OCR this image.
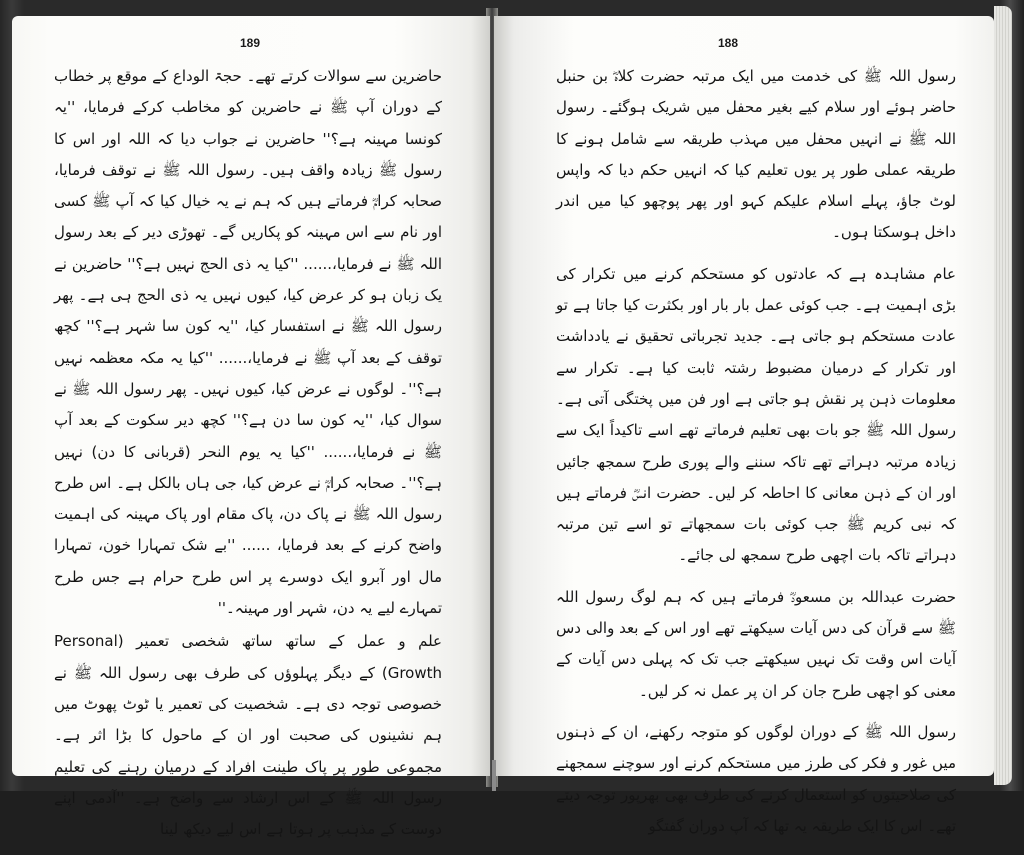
189

حاضرین سے سوالات کرتے تھے۔ حجۃ الوداع کے موقع پر خطاب کے دوران آپ ﷺ نے حاضرین کو مخاطب کرکے فرمایا، ''یہ کونسا مہینہ ہے؟'' حاضرین نے جواب دیا کہ اللہ اور اس کا رسول ﷺ زیادہ واقف ہیں۔ رسول اللہ ﷺ نے توقف فرمایا، صحابہ کرامؓ فرماتے ہیں کہ ہم نے یہ خیال کیا کہ آپ ﷺ کسی اور نام سے اس مہینہ کو پکاریں گے۔ تھوڑی دیر کے بعد رسول اللہ ﷺ نے فرمایا،...... ''کیا یہ ذی الحج نہیں ہے؟'' حاضرین نے یک زبان ہو کر عرض کیا، کیوں نہیں یہ ذی الحج ہی ہے۔ پھر رسول اللہ ﷺ نے استفسار کیا، ''یہ کون سا شہر ہے؟'' کچھ توقف کے بعد آپ ﷺ نے فرمایا،...... ''کیا یہ مکہ معظمہ نہیں ہے؟''۔ لوگوں نے عرض کیا، کیوں نہیں۔ پھر رسول اللہ ﷺ نے سوال کیا، ''یہ کون سا دن ہے؟'' کچھ دیر سکوت کے بعد آپ ﷺ نے فرمایا،...... ''کیا یہ یوم النحر (قربانی کا دن) نہیں ہے؟''۔ صحابہ کرامؓ نے عرض کیا، جی ہاں بالکل ہے۔ اس طرح رسول اللہ ﷺ نے پاک دن، پاک مقام اور پاک مہینہ کی اہمیت واضح کرنے کے بعد فرمایا، ...... ''بے شک تمہارا خون، تمہارا مال اور آبرو ایک دوسرے پر اس طرح حرام ہے جس طرح تمہارے لیے یہ دن، شہر اور مہینہ۔''

علم و عمل کے ساتھ ساتھ شخصی تعمیر (Personal Growth) کے دیگر پہلوؤں کی طرف بھی رسول اللہ ﷺ نے خصوصی توجہ دی ہے۔ شخصیت کی تعمیر یا ٹوٹ پھوٹ میں ہم نشینوں کی صحبت اور ان کے ماحول کا بڑا اثر ہے۔ مجموعی طور پر پاک طینت افراد کے درمیان رہنے کی تعلیم رسول اللہ ﷺ کے اس ارشاد سے واضح ہے۔ ''آدمی اپنے دوست کے مذہب پر ہوتا ہے اس لیے دیکھ لینا

188

رسول اللہ ﷺ کی خدمت میں ایک مرتبہ حضرت کلاہؓ بن حنبل حاضر ہوئے اور سلام کیے بغیر محفل میں شریک ہوگئے۔ رسول اللہ ﷺ نے انہیں محفل میں مہذب طریقہ سے شامل ہونے کا طریقہ عملی طور پر یوں تعلیم کیا کہ انہیں حکم دیا کہ واپس لوٹ جاؤ، پہلے اسلام علیکم کہو اور پھر پوچھو کیا میں اندر داخل ہوسکتا ہوں۔

عام مشاہدہ ہے کہ عادتوں کو مستحکم کرنے میں تکرار کی بڑی اہمیت ہے۔ جب کوئی عمل بار بار اور بکثرت کیا جاتا ہے تو عادت مستحکم ہو جاتی ہے۔ جدید تجرباتی تحقیق نے یادداشت اور تکرار کے درمیان مضبوط رشتہ ثابت کیا ہے۔ تکرار سے معلومات ذہن پر نقش ہو جاتی ہے اور فن میں پختگی آتی ہے۔ رسول اللہ ﷺ جو بات بھی تعلیم فرماتے تھے اسے تاکیداً ایک سے زیادہ مرتبہ دہراتے تھے تاکہ سننے والے پوری طرح سمجھ جائیں اور ان کے ذہن معانی کا احاطہ کر لیں۔ حضرت انسؓ فرماتے ہیں کہ نبی کریم ﷺ جب کوئی بات سمجھاتے تو اسے تین مرتبہ دہراتے تاکہ بات اچھی طرح سمجھ لی جائے۔

حضرت عبداللہ بن مسعودؓ فرماتے ہیں کہ ہم لوگ رسول اللہ ﷺ سے قرآن کی دس آیات سیکھتے تھے اور اس کے بعد والی دس آیات اس وقت تک نہیں سیکھتے جب تک کہ پہلی دس آیات کے معنی کو اچھی طرح جان کر ان پر عمل نہ کر لیں۔

رسول اللہ ﷺ کے دوران لوگوں کو متوجہ رکھنے، ان کے ذہنوں میں غور و فکر کی طرز میں مستحکم کرنے اور سوچنے سمجھنے کی صلاحیتوں کو استعمال کرنے کی طرف بھی بھرپور توجہ دیتے تھے۔ اس کا ایک طریقہ یہ تھا کہ آپ دوران گفتگو
